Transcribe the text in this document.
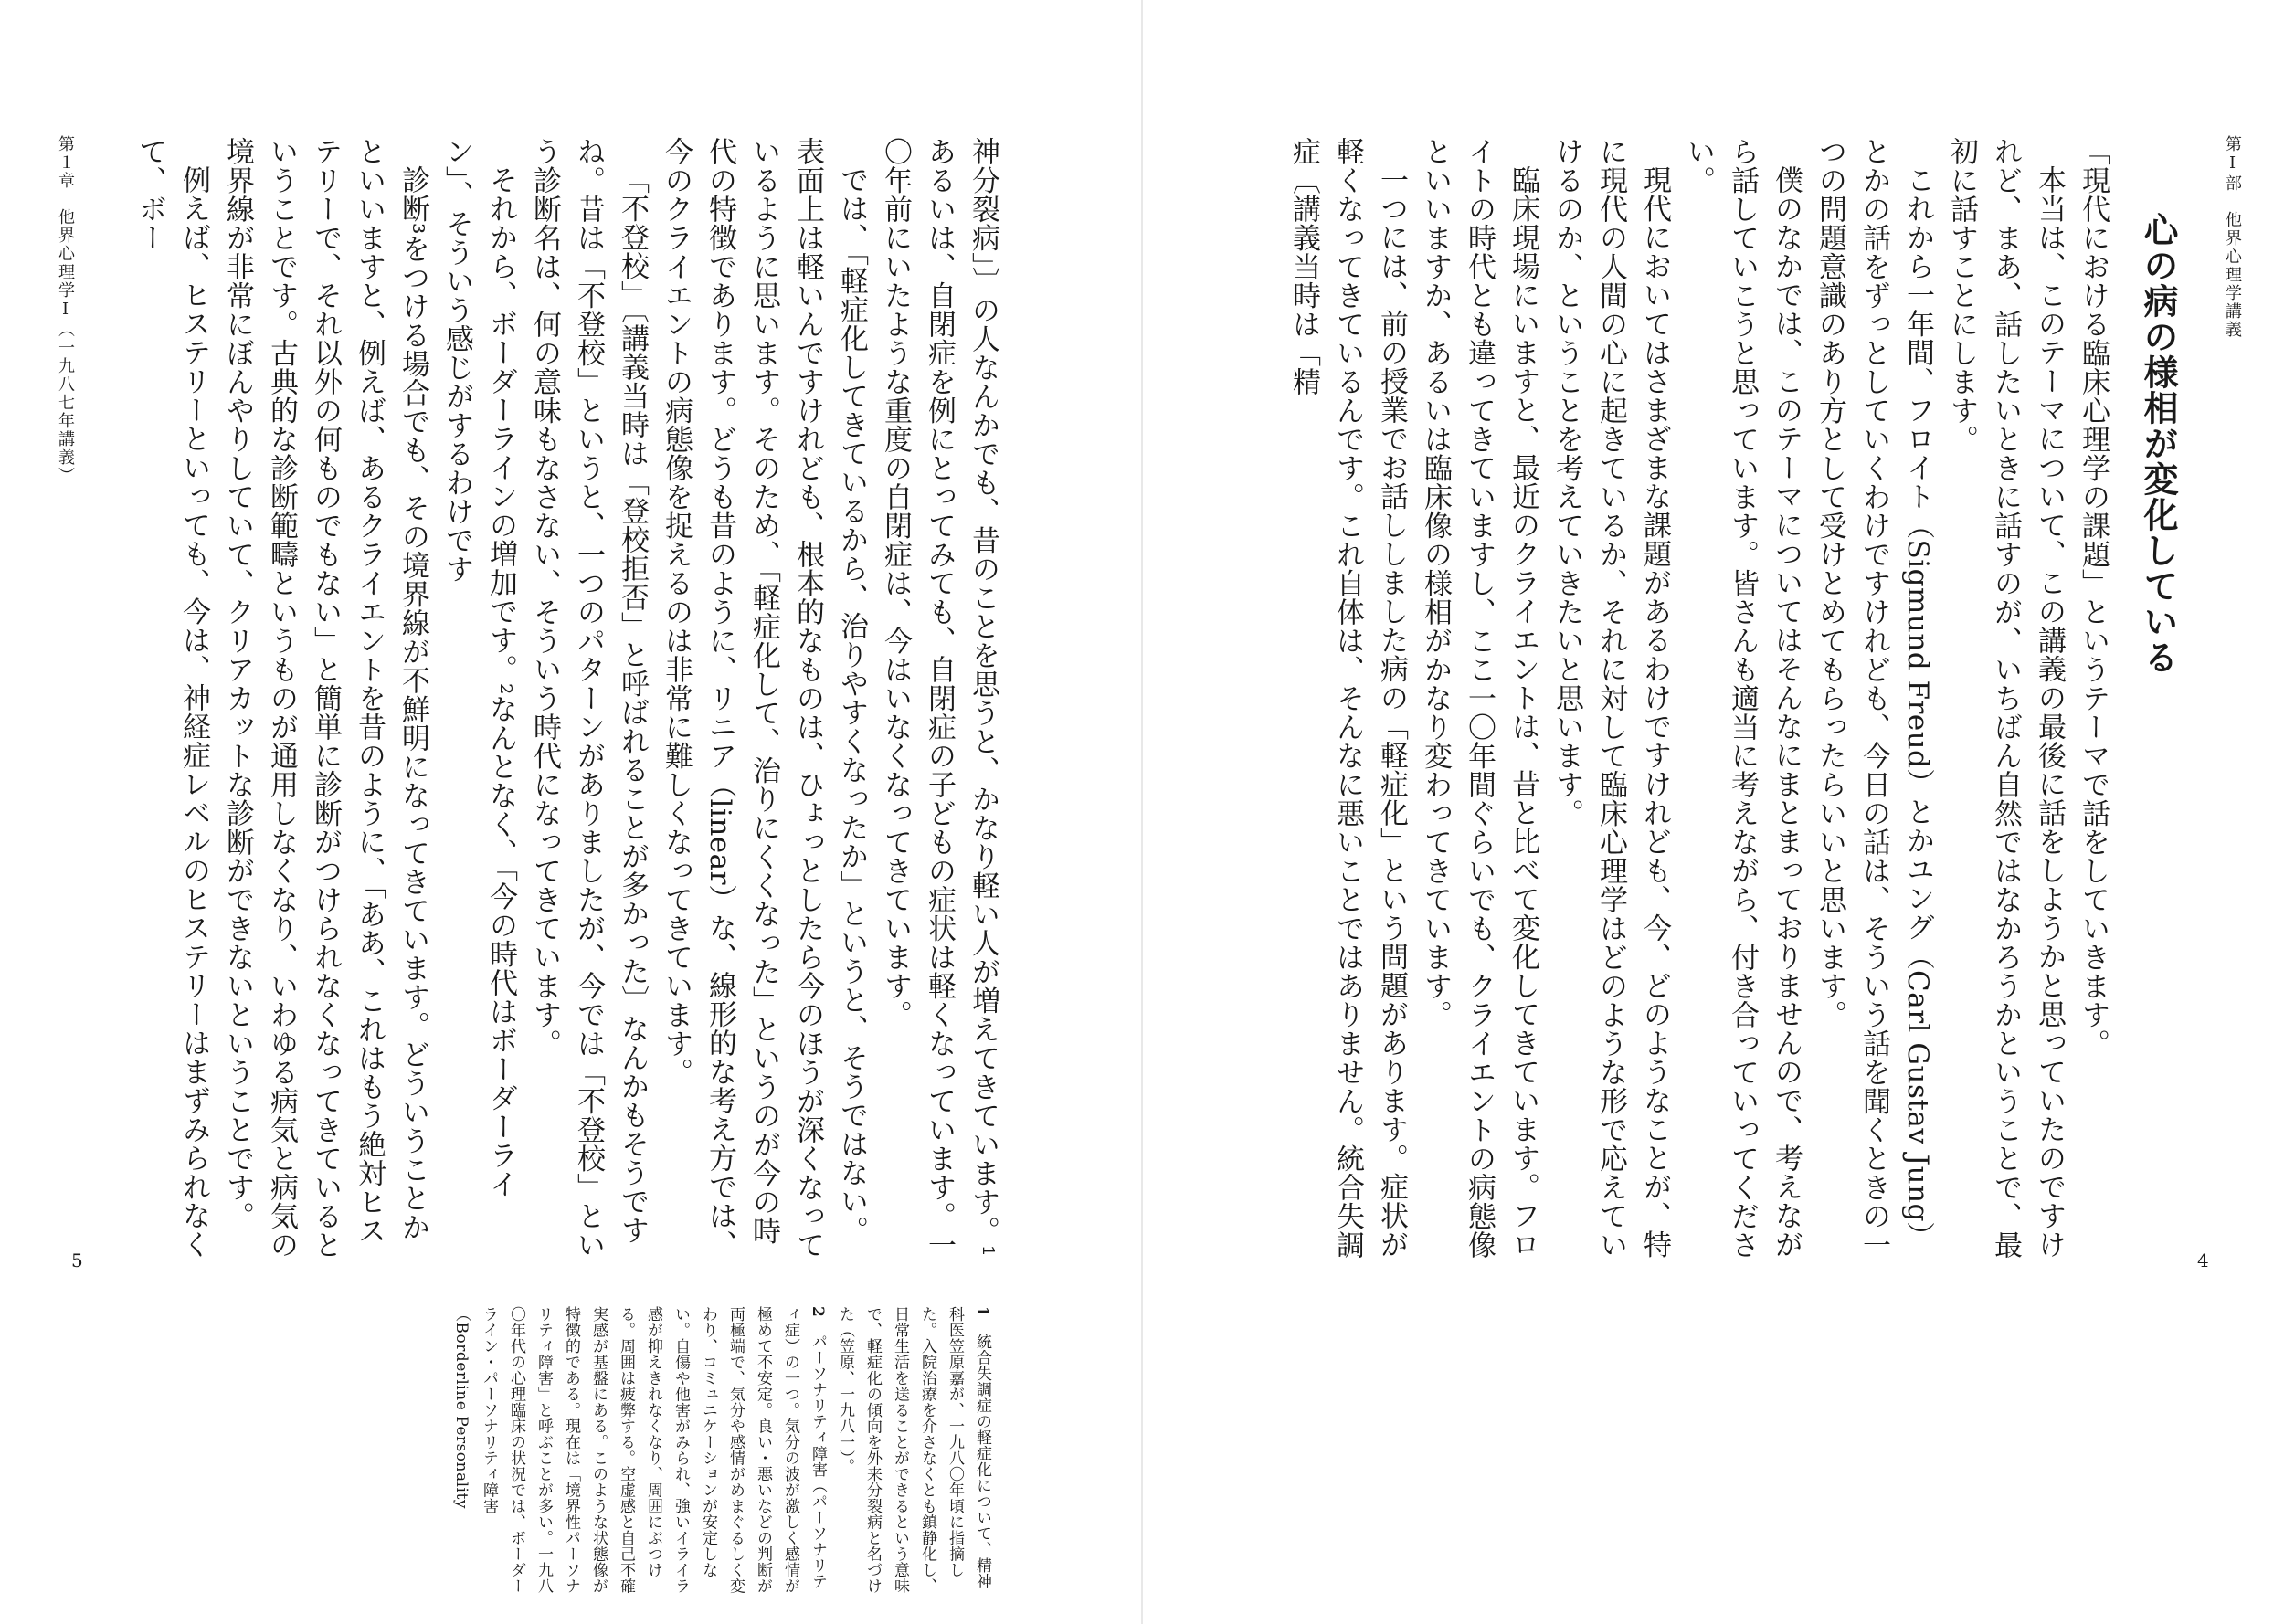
第Ⅰ部　他界心理学講義
心の病の様相が変化している

「現代における臨床心理学の課題」というテーマで話をしていきます。

本当は、このテーマについて、この講義の最後に話をしようかと思っていたのですけれど、まあ、話したいときに話すのが、いちばん自然ではなかろうかということで、最初に話すことにします。

これから一年間、フロイト（Sigmund Freud）とかユング（Carl Gustav Jung）とかの話をずっとしていくわけですけれども、今日の話は、そういう話を聞くときの一つの問題意識のあり方として受けとめてもらったらいいと思います。

僕のなかでは、このテーマについてはそんなにまとまっておりませんので、考えながら話していこうと思っています。皆さんも適当に考えながら、付き合っていってください。

現代においてはさまざまな課題があるわけですけれども、今、どのようなことが、特に現代の人間の心に起きているか、それに対して臨床心理学はどのような形で応えていけるのか、ということを考えていきたいと思います。

臨床現場にいますと、最近のクライエントは、昔と比べて変化してきています。フロイトの時代とも違ってきていますし、ここ一〇年間ぐらいでも、クライエントの病態像といいますか、あるいは臨床像の様相がかなり変わってきています。

一つには、前の授業でお話ししました病の「軽症化」という問題があります。症状が軽くなってきているんです。これ自体は、そんなに悪いことではありません。統合失調症〔講義当時は「精

4
第１章　他界心理学Ⅰ（一九八七年講義）	神分裂病」〕の人なんかでも、昔のことを思うと、かなり軽い人が増えてきています。¹あるいは、自閉症を例にとってみても、自閉症の子どもの症状は軽くなっています。一〇年前にいたような重度の自閉症は、今はいなくなってきています。

では、「軽症化してきているから、治りやすくなったか」というと、そうではない。表面上は軽いんですけれども、根本的なものは、ひょっとしたら今のほうが深くなっているように思います。そのため、「軽症化して、治りにくくなった」というのが今の時代の特徴であります。どうも昔のように、リニア（linear）な、線形的な考え方では、今のクライエントの病態像を捉えるのは非常に難しくなってきています。

「不登校」〔講義当時は「登校拒否」と呼ばれることが多かった〕なんかもそうですね。昔は「不登校」というと、一つのパターンがありましたが、今では「不登校」という診断名は、何の意味もなさない、そういう時代になってきています。

それから、ボーダーラインの増加です。²なんとなく、「今の時代はボーダーライン」、そういう感じがするわけです

診断³をつける場合でも、その境界線が不鮮明になってきています。どういうことかといいますと、例えば、あるクライエントを昔のように、「ああ、これはもう絶対ヒステリーで、それ以外の何ものでもない」と簡単に診断がつけられなくなってきているということです。古典的な診断範疇というものが通用しなくなり、いわゆる病気と病気の境界線が非常にぼんやりしていて、クリアカットな診断ができないということです。

例えば、ヒステリーといっても、今は、神経症レベルのヒステリーはまずみられなくて、ボー

5

1　統合失調症の軽症化について、精神科医笠原嘉が、一九八〇年頃に指摘した。入院治療を介さなくとも鎮静化し、日常生活を送ることができるという意味で、軽症化の傾向を外来分裂病と名づけた（笠原、一九八一）。

2　パーソナリティ障害（パーソナリティ症）の一つ。気分の波が激しく感情が極めて不安定。良い・悪いなどの判断が両極端で、気分や感情がめまぐるしく変わり、コミュニケーションが安定しない。自傷や他害がみられ、強いイライラ感が抑えきれなくなり、周囲にぶつける。周囲は疲弊する。空虚感と自己不確実感が基盤にある。このような状態像が特徴的である。現在は「境界性パーソナリティ障害」と呼ぶことが多い。一九八〇年代の心理臨床の状況では、ボーダーライン・パーソナリティ障害（Borderline Personality
